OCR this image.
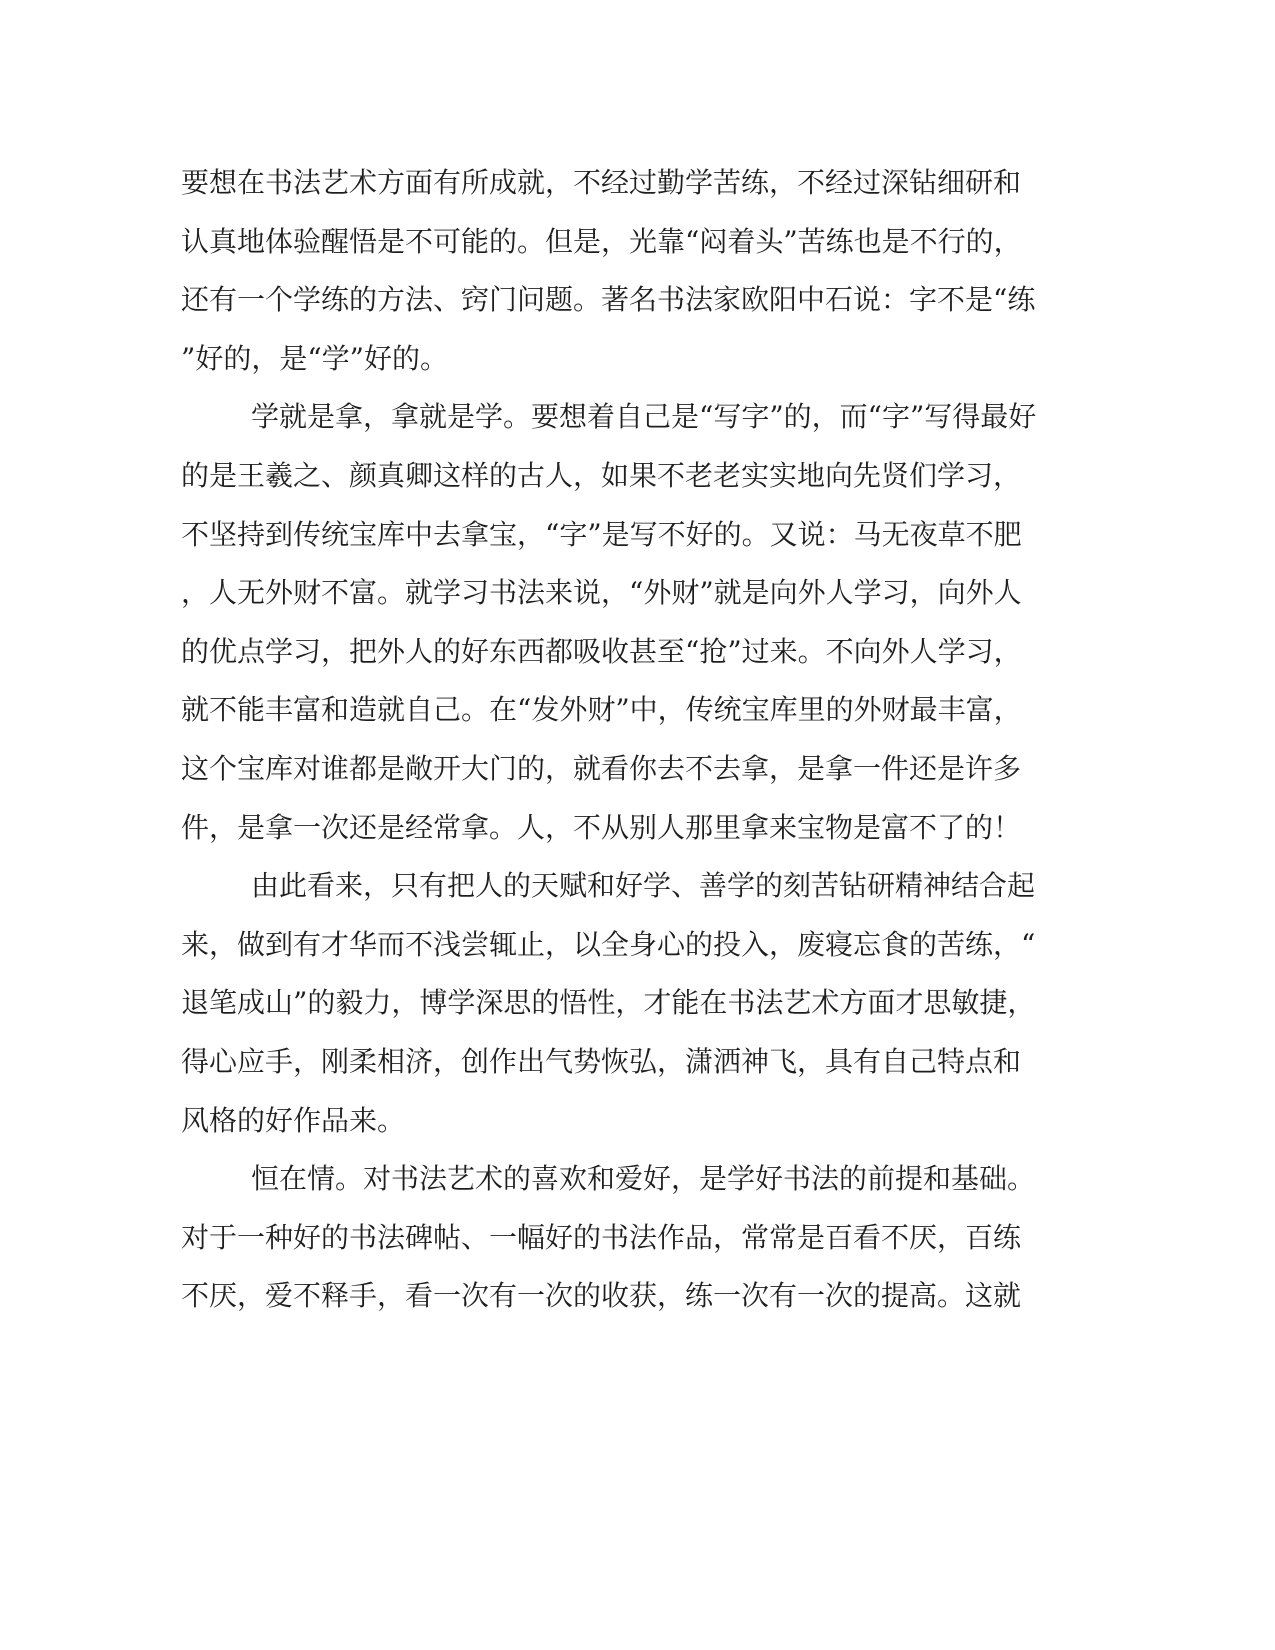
要想在书法艺术方面有所成就，不经过勤学苦练，不经过深钻细研和
认真地体验醒悟是不可能的。但是，光靠“闷着头”苦练也是不行的，
还有一个学练的方法、窍门问题。著名书法家欧阳中石说：字不是“练
”好的，是“学”好的。
学就是拿，拿就是学。要想着自己是“写字”的，而“字”写得最好
的是王羲之、颜真卿这样的古人，如果不老老实实地向先贤们学习，
不坚持到传统宝库中去拿宝，“字”是写不好的。又说：马无夜草不肥
，人无外财不富。就学习书法来说，“外财”就是向外人学习，向外人
的优点学习，把外人的好东西都吸收甚至“抢”过来。不向外人学习，
就不能丰富和造就自己。在“发外财”中，传统宝库里的外财最丰富，
这个宝库对谁都是敞开大门的，就看你去不去拿，是拿一件还是许多
件，是拿一次还是经常拿。人，不从别人那里拿来宝物是富不了的！
由此看来，只有把人的天赋和好学、善学的刻苦钻研精神结合起
来，做到有才华而不浅尝辄止，以全身心的投入，废寝忘食的苦练，“
退笔成山”的毅力，博学深思的悟性，才能在书法艺术方面才思敏捷，
得心应手，刚柔相济，创作出气势恢弘，潇洒神飞，具有自己特点和
风格的好作品来。
恒在情。对书法艺术的喜欢和爱好，是学好书法的前提和基础。
对于一种好的书法碑帖、一幅好的书法作品，常常是百看不厌，百练
不厌，爱不释手，看一次有一次的收获，练一次有一次的提高。这就
